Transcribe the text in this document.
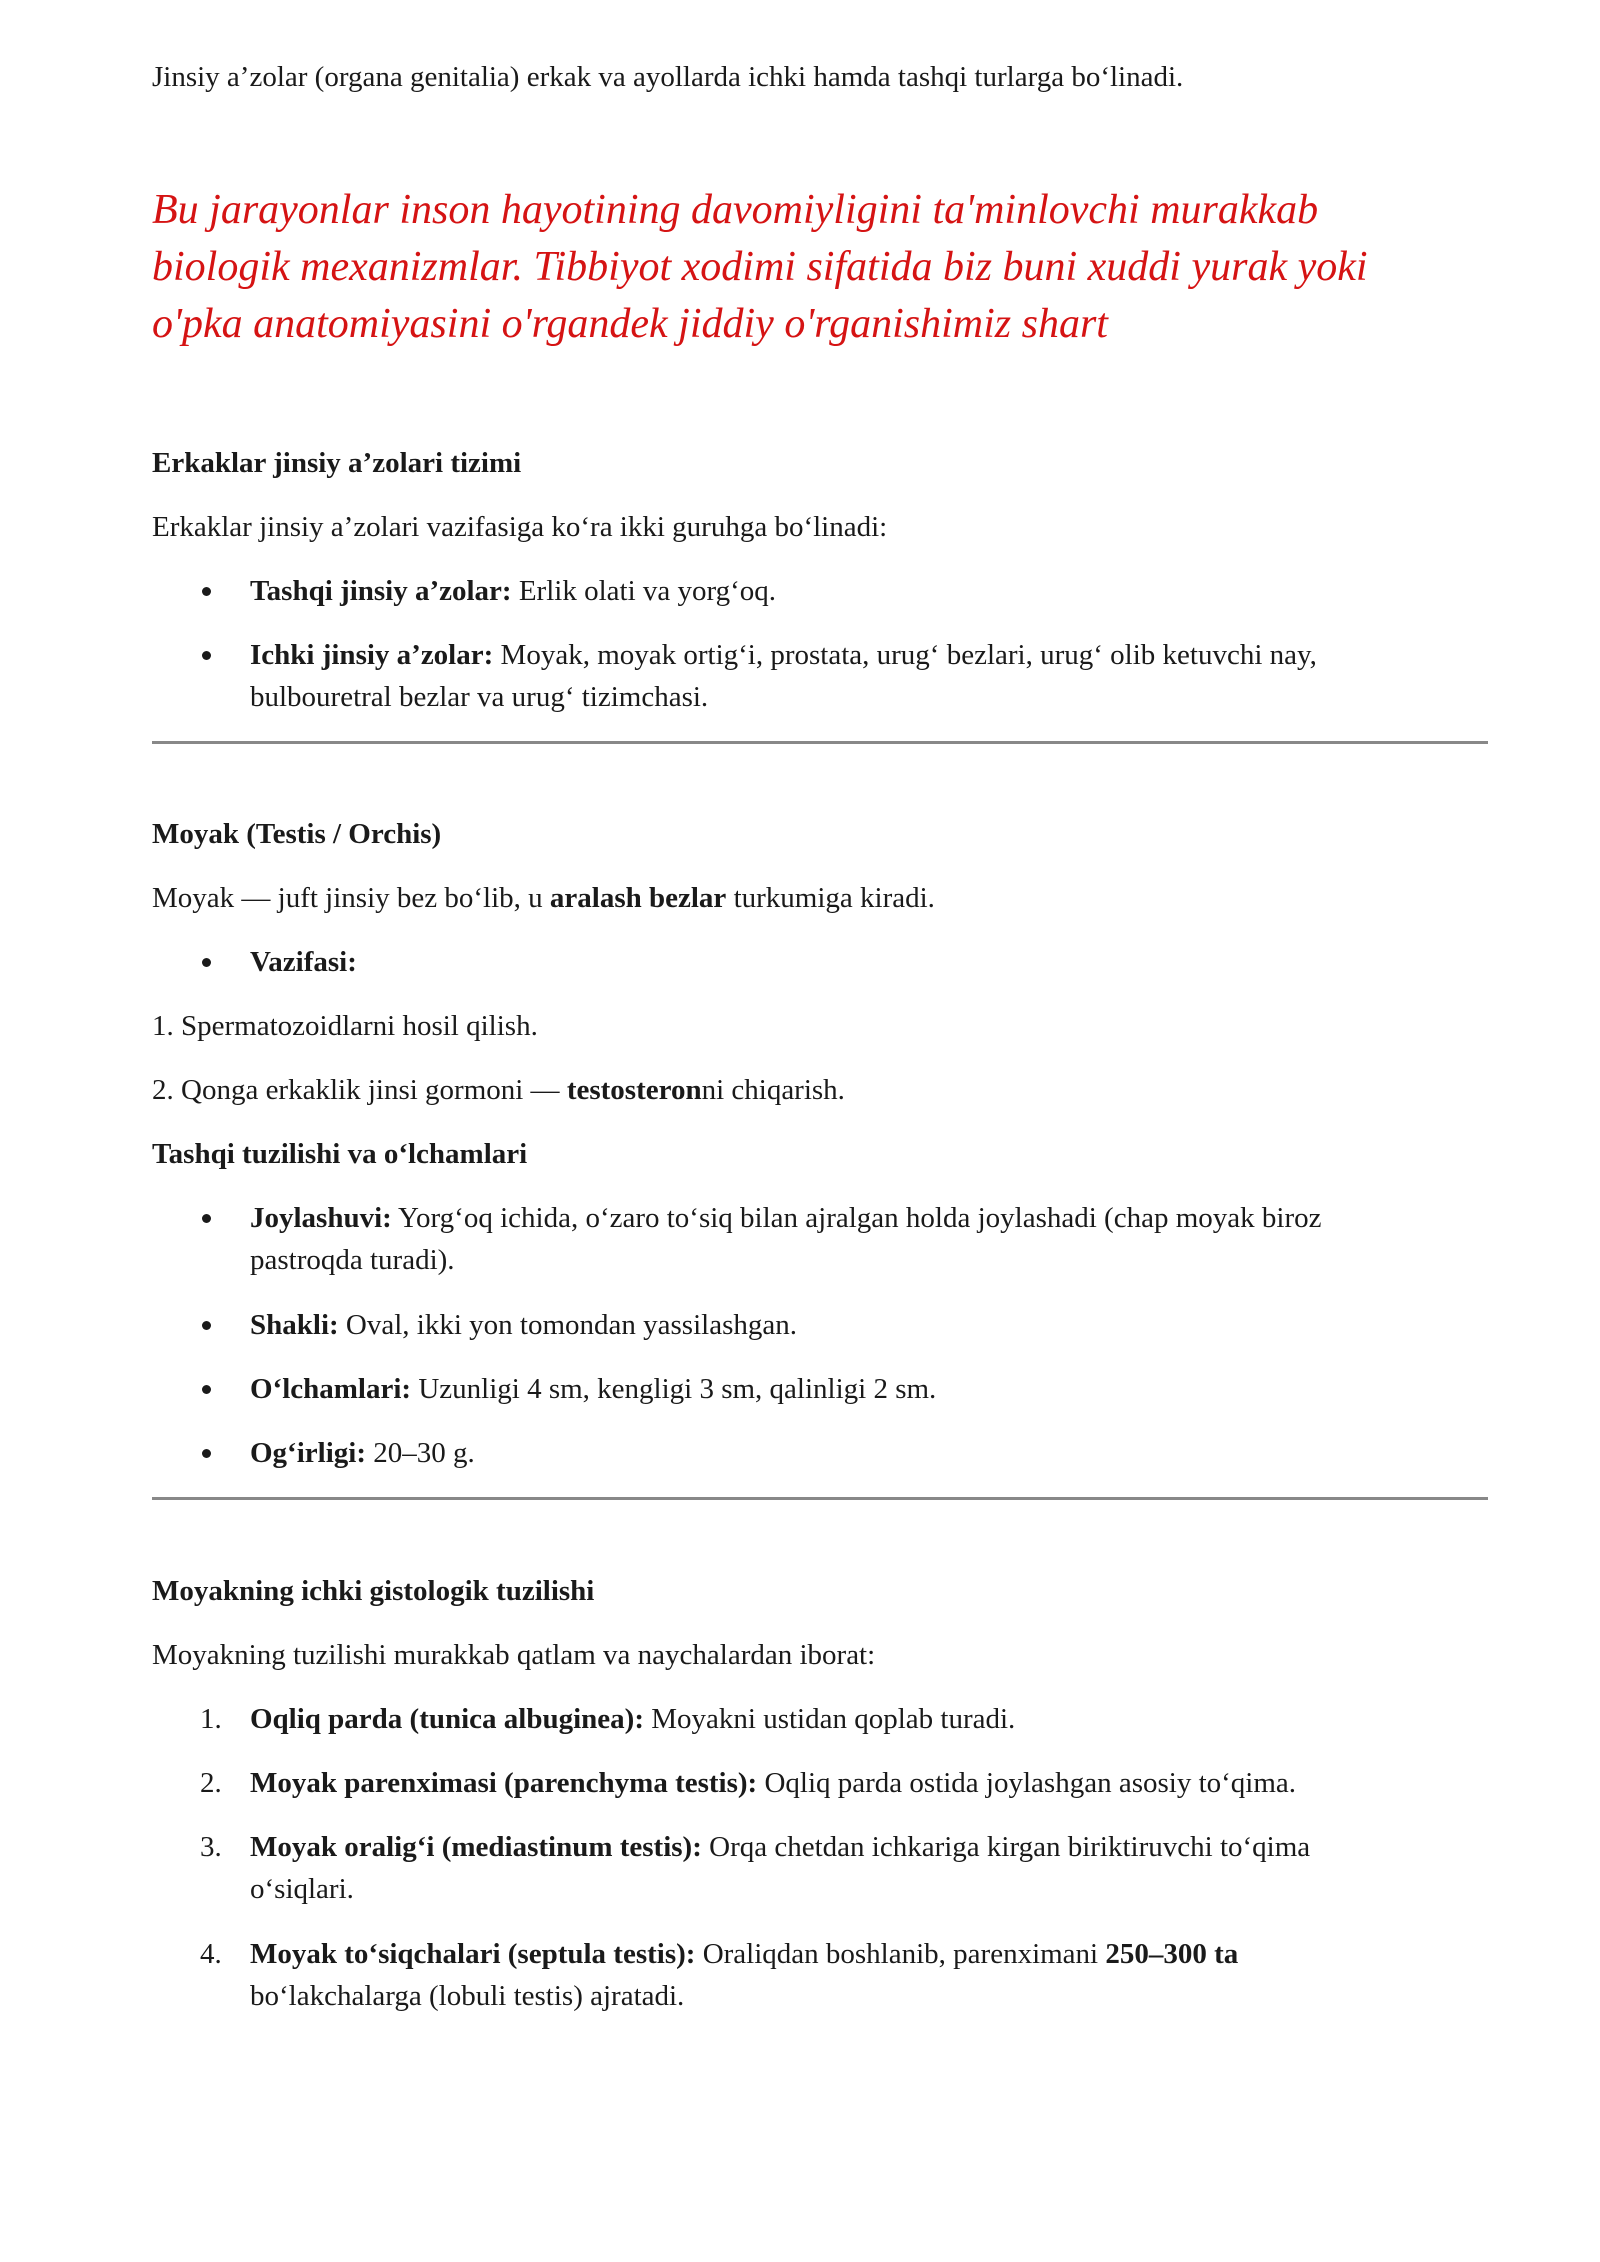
Jinsiy a’zolar (organa genitalia) erkak va ayollarda ichki hamda tashqi turlarga bo‘linadi.
Bu jarayonlar inson hayotining davomiyligini ta'minlovchi murakkab
biologik mexanizmlar. Tibbiyot xodimi sifatida biz buni xuddi yurak yoki
o'pka anatomiyasini o'rgandek jiddiy o'rganishimiz shart
Erkaklar jinsiy a’zolari tizimi
Erkaklar jinsiy a’zolari vazifasiga ko‘ra ikki guruhga bo‘linadi:
Tashqi jinsiy a’zolar: Erlik olati va yorg‘oq.
Ichki jinsiy a’zolar: Moyak, moyak ortig‘i, prostata, urug‘ bezlari, urug‘ olib ketuvchi nay,
bulbouretral bezlar va urug‘ tizimchasi.
Moyak (Testis / Orchis)
Moyak — juft jinsiy bez bo‘lib, u aralash bezlar turkumiga kiradi.
Vazifasi:
1. Spermatozoidlarni hosil qilish.
2. Qonga erkaklik jinsi gormoni — testosteronni chiqarish.
Tashqi tuzilishi va o‘lchamlari
Joylashuvi: Yorg‘oq ichida, o‘zaro to‘siq bilan ajralgan holda joylashadi (chap moyak biroz
pastroqda turadi).
Shakli: Oval, ikki yon tomondan yassilashgan.
O‘lchamlari: Uzunligi 4 sm, kengligi 3 sm, qalinligi 2 sm.
Og‘irligi: 20–30 g.
Moyakning ichki gistologik tuzilishi
Moyakning tuzilishi murakkab qatlam va naychalardan iborat:
1. Oqliq parda (tunica albuginea): Moyakni ustidan qoplab turadi.
2. Moyak parenximasi (parenchyma testis): Oqliq parda ostida joylashgan asosiy to‘qima.
3. Moyak oralig‘i (mediastinum testis): Orqa chetdan ichkariga kirgan biriktiruvchi to‘qima
o‘siqlari.
4. Moyak to‘siqchalari (septula testis): Oraliqdan boshlanib, parenximani 250–300 ta
bo‘lakchalarga (lobuli testis) ajratadi.
